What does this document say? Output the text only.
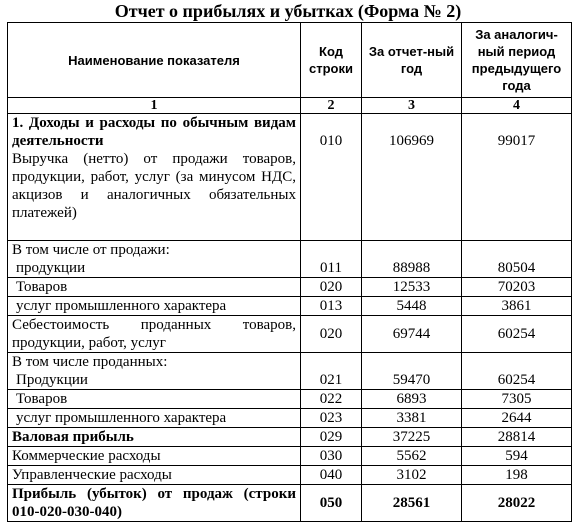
Отчет о прибылях и убытках (Форма № 2)
Наименование показателя	Код строки	За отчет-ный год	За аналогич-ный период предыдущего года
1	2	3	4

1. Доходы и расходы по обычным видам деятельности
Выручка (нетто) от продажи товаров, продукции, работ, услуг (за минусом НДС, акцизов и аналогичных обязательных платежей)	010	106969	99017

В том числе от продажи:
продукции	011	88988	80504
Товаров	020	12533	70203
услуг промышленного характера	013	5448	3861
Себестоимость проданных товаров, продукции, работ, услуг	020	69744	60254

В том числе проданных:
Продукции	021	59470	60254
Товаров	022	6893	7305
услуг промышленного характера	023	3381	2644
Валовая прибыль	029	37225	28814
Коммерческие расходы	030	5562	594
Управленческие расходы	040	3102	198
Прибыль (убыток) от продаж (строки 010-020-030-040)	050	28561	28022
